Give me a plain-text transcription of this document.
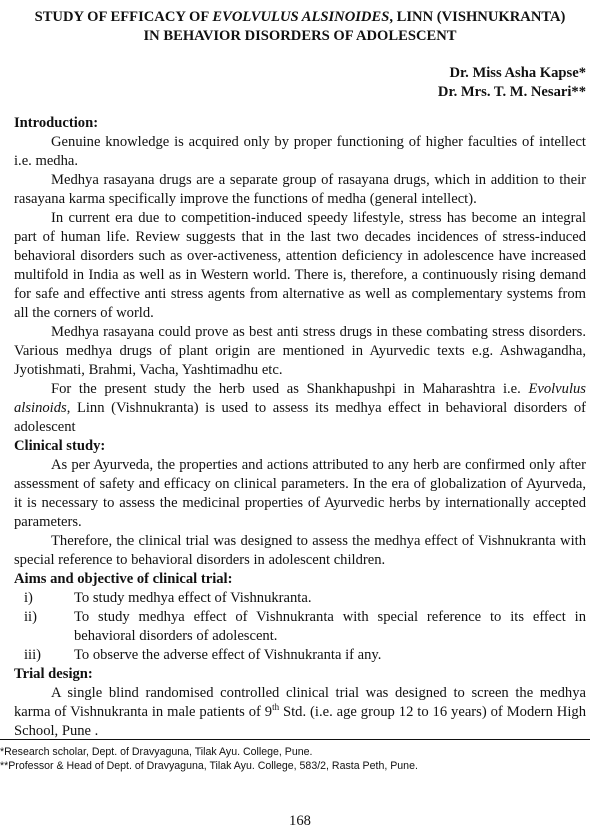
STUDY OF EFFICACY OF EVOLVULUS ALSINOIDES, LINN (VISHNUKRANTA)
IN BEHAVIOR DISORDERS OF ADOLESCENT
Dr. Miss Asha Kapse*
Dr. Mrs. T. M. Nesari**
Introduction:

Genuine knowledge is acquired only by proper functioning of higher faculties of intellect i.e. medha.

Medhya rasayana drugs are a separate group of rasayana drugs, which in addition to their rasayana karma specifically improve the functions of medha (general intellect).

In current era due to competition-induced speedy lifestyle, stress has become an integral part of human life. Review suggests that in the last two decades incidences of stress-induced behavioral disorders such as over-activeness, attention deficiency in adolescence have increased multifold in India as well as in Western world. There is, therefore, a continuously rising demand for safe and effective anti stress agents from alternative as well as complementary systems from all the corners of world.

Medhya rasayana could prove as best anti stress drugs in these combating stress disorders. Various medhya drugs of plant origin are mentioned in Ayurvedic texts e.g. Ashwagandha, Jyotishmati, Brahmi, Vacha, Yashtimadhu etc.

For the present study the herb used as Shankhapushpi in Maharashtra i.e. Evolvulus alsinoids, Linn (Vishnukranta) is used to assess its medhya effect in behavioral disorders of adolescent

Clinical study:

As per Ayurveda, the properties and actions attributed to any herb are confirmed only after assessment of safety and efficacy on clinical parameters. In the era of globalization of Ayurveda, it is necessary to assess the medicinal properties of Ayurvedic herbs by internationally accepted parameters.

Therefore, the clinical trial was designed to assess the medhya effect of Vishnukranta with special reference to behavioral disorders in adolescent children.

Aims and objective of clinical trial:
i)	To study medhya effect of Vishnukranta.
ii)	To study medhya effect of Vishnukranta with special reference to its effect in behavioral disorders of adolescent.
iii) To observe the adverse effect of Vishnukranta if any.
Trial design:

A single blind randomised controlled clinical trial was designed to screen the medhya karma of Vishnukranta in male patients of 9th Std. (i.e. age group 12 to 16 years) of Modern High School, Pune .

*Research scholar, Dept. of Dravyaguna, Tilak Ayu. College, Pune.
**Professor & Head of Dept. of Dravyaguna, Tilak Ayu. College, 583/2, Rasta Peth, Pune.
168
